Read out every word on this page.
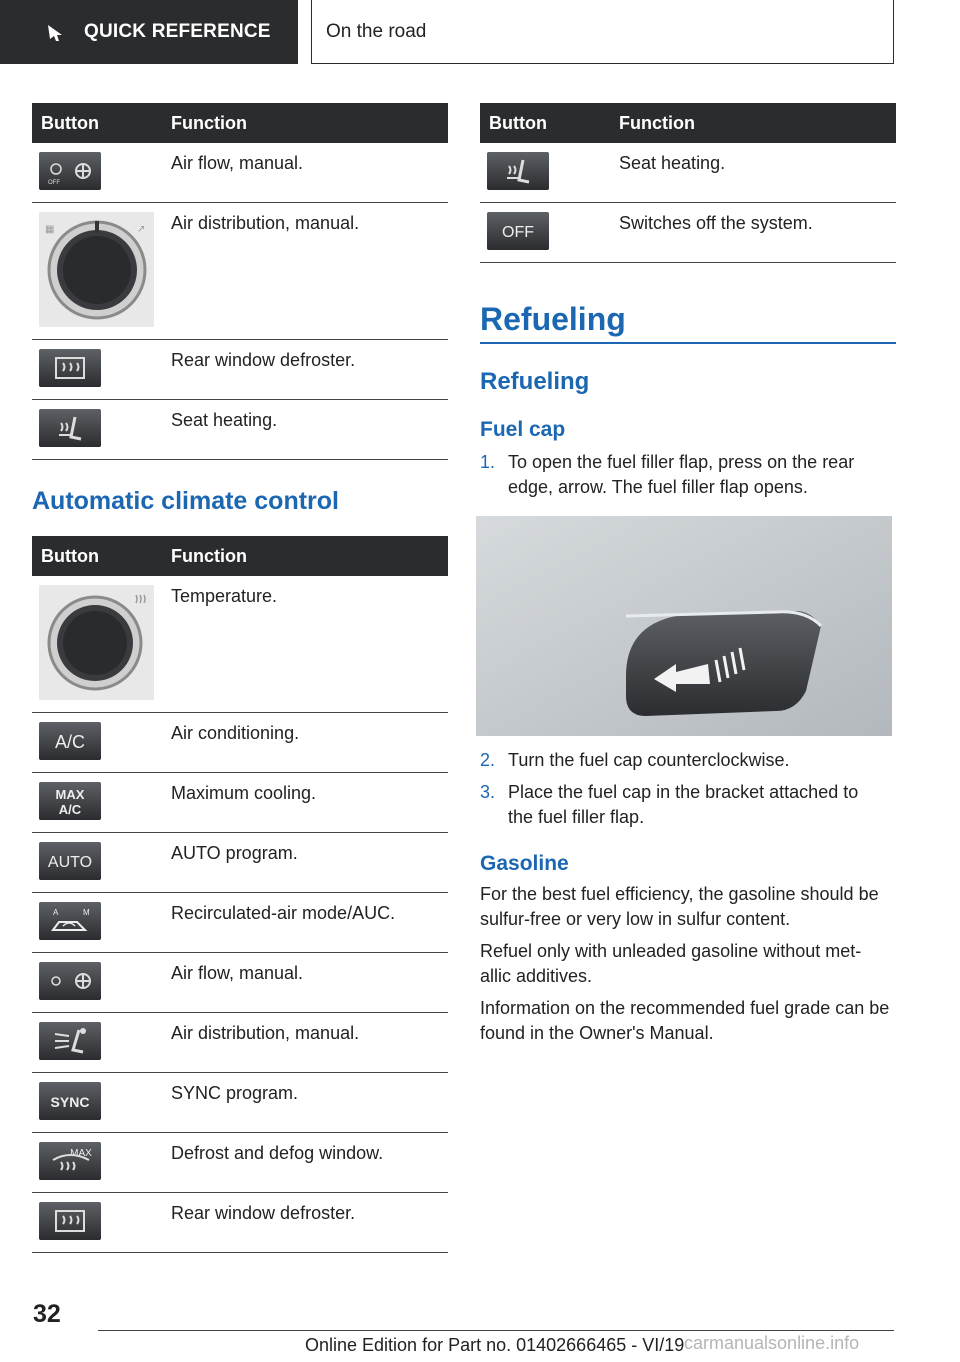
QUICK REFERENCE	On the road
Button	Function

OFF	Air flow, manual.

▦ ↗	Air distribution, manual.

	Rear window defroster.

	Seat heating.
Automatic climate control
Button	Function

	Temperature.

A/C	Air conditioning.

MAX
A/C	Maximum cooling.

AUTO	AUTO program.

A M	Recirculated-air mode/AUC.

	Air flow, manual.

	Air distribution, manual.

SYNC	SYNC program.

MAX	Defrost and defog window.

	Rear window defroster.
Button	Function

	Seat heating.

OFF	Switches off the system.
Refueling
Refueling
Fuel cap
1. To open the fuel filler flap, press on the rear edge, arrow. The fuel filler flap opens.
2. Turn the fuel cap counterclockwise.
3. Place the fuel cap in the bracket attached to the fuel filler flap.
Gasoline

For the best fuel efficiency, the gasoline should be sulfur-free or very low in sulfur content.

Refuel only with unleaded gasoline without met-allic additives.

Information on the recommended fuel grade can be found in the Owner's Manual.

32
Online Edition for Part no. 01402666465 - VI/19 carmanualsonline.info
